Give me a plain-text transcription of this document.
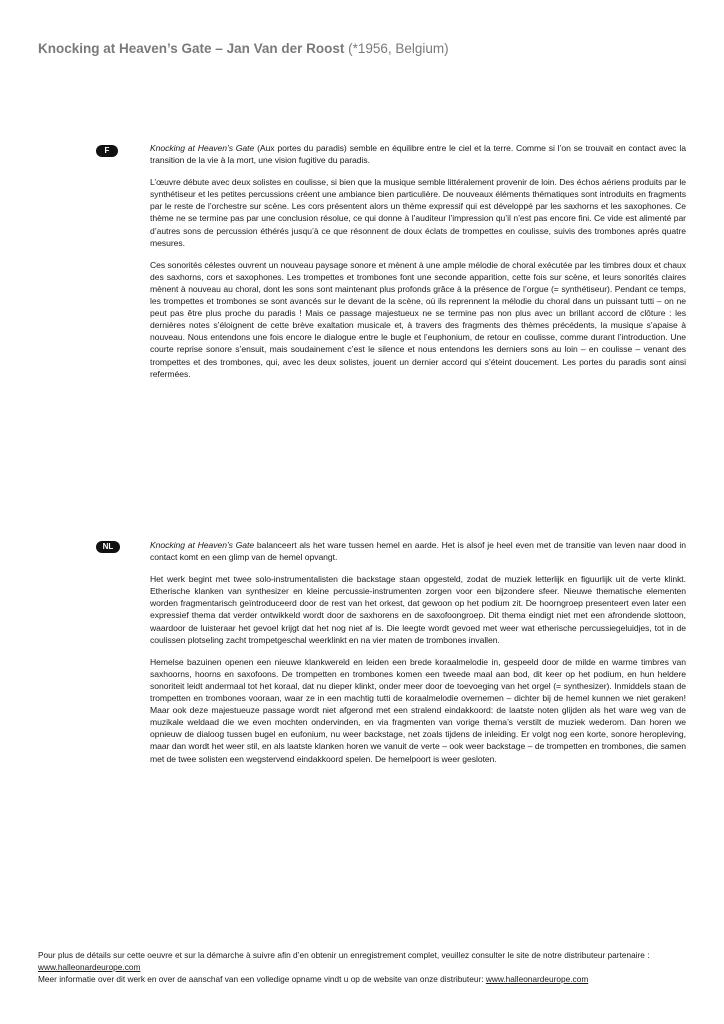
Knocking at Heaven’s Gate – Jan Van der Roost (*1956, Belgium)
F	Knocking at Heaven’s Gate (Aux portes du paradis) semble en équilibre entre le ciel et la terre. Comme si l’on se trouvait en contact avec la transition de la vie à la mort, une vision fugitive du paradis.

L’œuvre débute avec deux solistes en coulisse, si bien que la musique semble littéralement provenir de loin. Des échos aériens produits par le synthétiseur et les petites percussions créent une ambiance bien particulière. De nouveaux éléments thématiques sont introduits en fragments par le reste de l’orchestre sur scène. Les cors présentent alors un thème expressif qui est développé par les saxhorns et les saxophones. Ce thème ne se termine pas par une conclusion résolue, ce qui donne à l’auditeur l’impression qu’il n’est pas encore fini. Ce vide est alimenté par d’autres sons de percussion éthérés jusqu’à ce que résonnent de doux éclats de trompettes en coulisse, suivis des trombones après quatre mesures.

Ces sonorités célestes ouvrent un nouveau paysage sonore et mènent à une ample mélodie de choral exécutée par les timbres doux et chaux des saxhorns, cors et saxophones. Les trompettes et trombones font une seconde apparition, cette fois sur scène, et leurs sonorités claires mènent à nouveau au choral, dont les sons sont maintenant plus profonds grâce à la présence de l’orgue (= synthétiseur). Pendant ce temps, les trompettes et trombones se sont avancés sur le devant de la scène, où ils reprennent la mélodie du choral dans un puissant tutti – on ne peut pas être plus proche du paradis ! Mais ce passage majestueux ne se termine pas non plus avec un brillant accord de clôture : les dernières notes s’éloignent de cette brève exaltation musicale et, à travers des fragments des thèmes précédents, la musique s’apaise à nouveau. Nous entendons une fois encore le dialogue entre le bugle et l’euphonium, de retour en coulisse, comme durant l’introduction. Une courte reprise sonore s’ensuit, mais soudainement c’est le silence et nous entendons les derniers sons au loin – en coulisse – venant des trompettes et des trombones, qui, avec les deux solistes, jouent un dernier accord qui s’éteint doucement. Les portes du paradis sont ainsi refermées.

NL	Knocking at Heaven’s Gate balanceert als het ware tussen hemel en aarde. Het is alsof je heel even met de transitie van leven naar dood in contact komt en een glimp van de hemel opvangt.

Het werk begint met twee solo-instrumentalisten die backstage staan opgesteld, zodat de muziek letterlijk en figuurlijk uit de verte klinkt. Etherische klanken van synthesizer en kleine percussie-instrumenten zorgen voor een bijzondere sfeer. Nieuwe thematische elementen worden fragmentarisch geïntroduceerd door de rest van het orkest, dat gewoon op het podium zit. De hoorngroep presenteert even later een expressief thema dat verder ontwikkeld wordt door de saxhorens en de saxofoongroep. Dit thema eindigt niet met een afrondende slottoon, waardoor de luisteraar het gevoel krijgt dat het nog niet af is. Die leegte wordt gevoed met weer wat etherische percussiegeluidjes, tot in de coulissen plotseling zacht trompetgeschal weerklinkt en na vier maten de trombones invallen.

Hemelse bazuinen openen een nieuwe klankwereld en leiden een brede koraalmelodie in, gespeeld door de milde en warme timbres van saxhoorns, hoorns en saxofoons. De trompetten en trombones komen een tweede maal aan bod, dit keer op het podium, en hun heldere sonoriteit leidt andermaal tot het koraal, dat nu dieper klinkt, onder meer door de toevoeging van het orgel (= synthesizer). Inmiddels staan de trompetten en trombones vooraan, waar ze in een machtig tutti de koraalmelodie overnemen – dichter bij de hemel kunnen we niet geraken! Maar ook deze majestueuze passage wordt niet afgerond met een stralend eindakkoord: de laatste noten glijden als het ware weg van de muzikale weldaad die we even mochten ondervinden, en via fragmenten van vorige thema’s verstilt de muziek wederom. Dan horen we opnieuw de dialoog tussen bugel en eufonium, nu weer backstage, net zoals tijdens de inleiding. Er volgt nog een korte, sonore heropleving, maar dan wordt het weer stil, en als laatste klanken horen we vanuit de verte – ook weer backstage – de trompetten en trombones, die samen met de twee solisten een wegstervend eindakkoord spelen. De hemelpoort is weer gesloten.

Pour plus de détails sur cette oeuvre et sur la démarche à suivre afin d’en obtenir un enregistrement complet, veuillez consulter le site de notre distributeur partenaire : www.halleonardeurope.com

Meer informatie over dit werk en over de aanschaf van een volledige opname vindt u op de website van onze distributeur: www.halleonardeurope.com
